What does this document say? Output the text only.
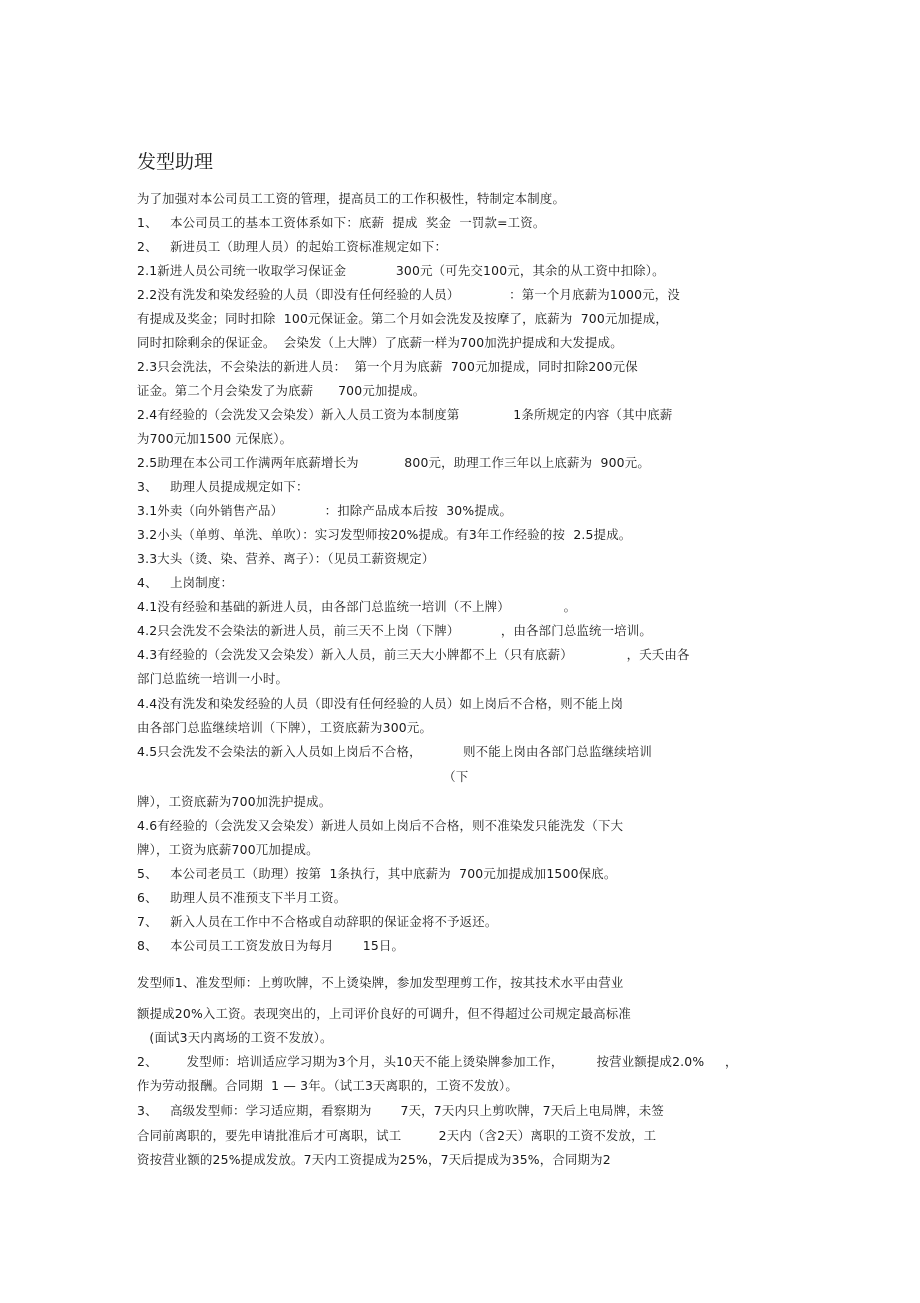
发型助理
为了加强对本公司员工工资的管理，提高员工的工作积极性，特制定本制度。
1、   本公司员工的基本工资体系如下：底薪  提成  奖金  一罚款=工资。
2、   新进员工（助理人员）的起始工资标准规定如下：
2.1新进人员公司统一收取学习保证金            300元（可先交100元，其余的从工资中扣除）。
2.2没有洗发和染发经验的人员（即没有任何经验的人员）            ：第一个月底薪为1000元，没
有提成及奖金；同时扣除  100元保证金。第二个月如会洗发及按摩了，底薪为  700元加提成，
同时扣除剩余的保证金。  会染发（上大牌）了底薪一样为700加洗护提成和大发提成。
2.3只会洗法，不会染法的新进人员：  第一个月为底薪  700元加提成，同时扣除200元保
证金。第二个月会染发了为底薪      700元加提成。
2.4有经验的（会洗发又会染发）新入人员工资为本制度第             1条所规定的内容（其中底薪
为700元加1500 元保底）。
2.5助理在本公司工作满两年底薪增长为           800元，助理工作三年以上底薪为  900元。
3、   助理人员提成规定如下：
3.1外卖（向外销售产品）          ：扣除产品成本后按  30%提成。
3.2小头（单剪、单洗、单吹）：实习发型师按20%提成。有3年工作经验的按  2.5提成。
3.3大头（烫、染、营养、离子）：（见员工薪资规定）
4、   上岗制度：
4.1没有经验和基础的新进人员，由各部门总监统一培训（不上牌）             。
4.2只会洗发不会染法的新进人员，前三天不上岗（下牌）          ，由各部门总监统一培训。
4.3有经验的（会洗发又会染发）新入人员，前三天大小牌都不上（只有底薪）             ，夭夭由各
部门总监统一培训一小时。
4.4没有洗发和染发经验的人员（即没有任何经验的人员）如上岗后不合格，则不能上岗
由各部门总监继续培训（下牌），工资底薪为300元。
4.5只会洗发不会染法的新入人员如上岗后不合格，          则不能上岗由各部门总监继续培训
（下
牌），工资底薪为700加洗护提成。
4.6有经验的（会洗发又会染发）新进人员如上岗后不合格，则不准染发只能洗发（下大
牌），工资为底薪700兀加提成。
5、   本公司老员工（助理）按第  1条执行，其中底薪为  700元加提成加1500保底。
6、   助理人员不准预支下半月工资。
7、   新入人员在工作中不合格或自动辞职的保证金将不予返还。
8、   本公司员工工资发放日为每月       15日。
发型师1、准发型师：上剪吹牌，不上烫染牌，参加发型理剪工作，按其技术水平由营业
额提成20%入工资。表现突出的，上司评价良好的可调升，但不得超过公司规定最高标准
(面试3天内离场的工资不发放）。
2、       发型师：培训适应学习期为3个月，头10天不能上烫染牌参加工作，        按营业额提成2.0%     ，
作为劳动报酬。合同期  1 — 3年。（试工3天离职的，工资不发放）。
3、   高级发型师：学习适应期，看察期为       7天，7天内只上剪吹牌，7天后上电局牌，未签
合同前离职的，要先申请批准后才可离职，试工         2天内（含2天）离职的工资不发放，工
资按营业额的25%提成发放。7天内工资提成为25%，7天后提成为35%，合同期为2
